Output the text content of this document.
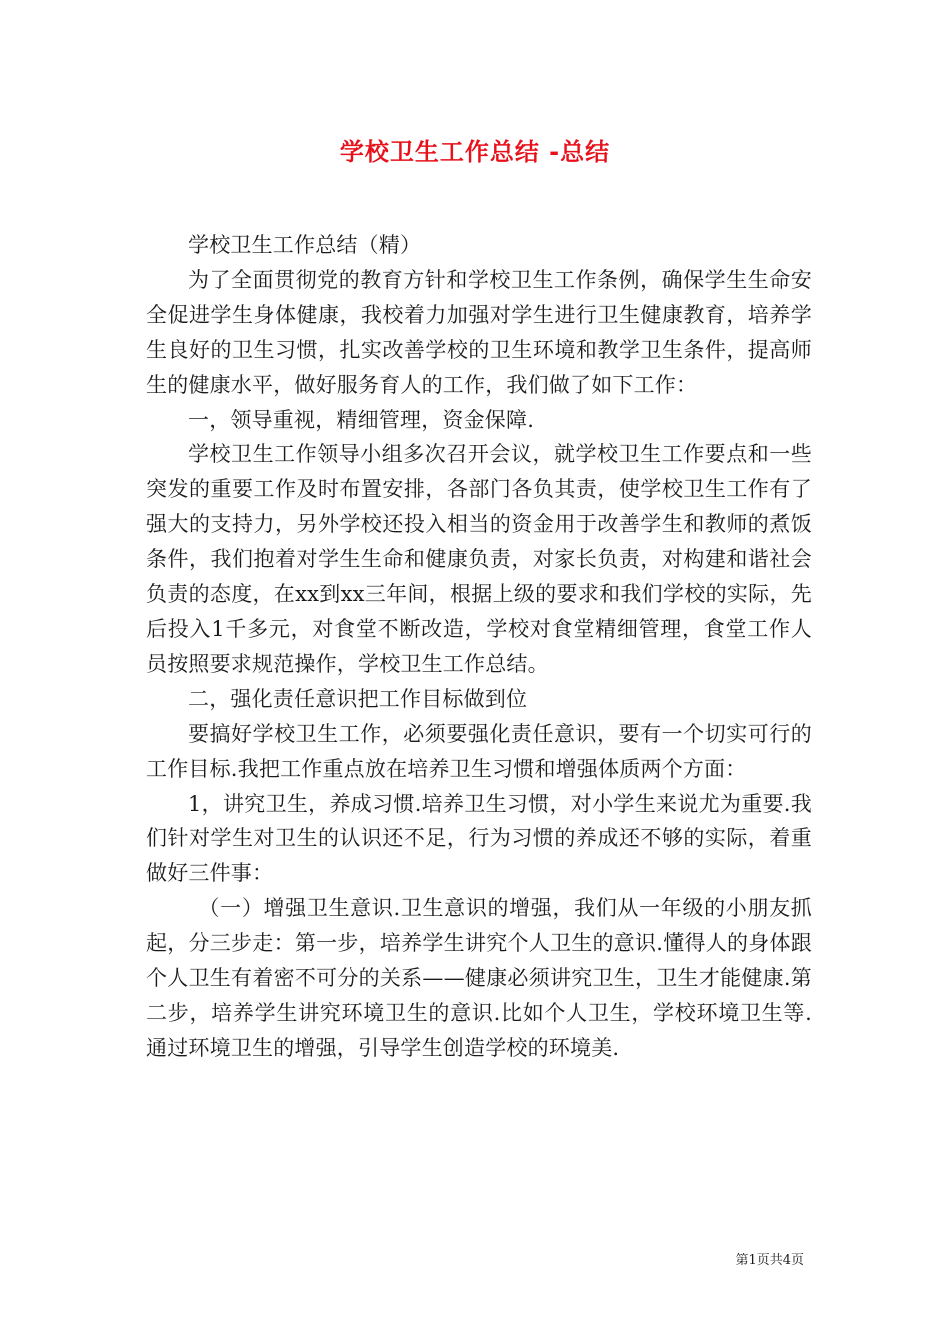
学校卫生工作总结 -总结

学校卫生工作总结（精）

为了全面贯彻党的教育方针和学校卫生工作条例，确保学生生命安全促进学生身体健康，我校着力加强对学生进行卫生健康教育，培养学生良好的卫生习惯，扎实改善学校的卫生环境和教学卫生条件，提高师生的健康水平，做好服务育人的工作，我们做了如下工作：

一，领导重视，精细管理，资金保障.

学校卫生工作领导小组多次召开会议，就学校卫生工作要点和一些突发的重要工作及时布置安排，各部门各负其责，使学校卫生工作有了强大的支持力，另外学校还投入相当的资金用于改善学生和教师的煮饭条件，我们抱着对学生生命和健康负责，对家长负责，对构建和谐社会负责的态度，在xx到xx三年间，根据上级的要求和我们学校的实际，先后投入1千多元，对食堂不断改造，学校对食堂精细管理，食堂工作人员按照要求规范操作，学校卫生工作总结。

二，强化责任意识把工作目标做到位

要搞好学校卫生工作，必须要强化责任意识，要有一个切实可行的工作目标.我把工作重点放在培养卫生习惯和增强体质两个方面：

1，讲究卫生，养成习惯.培养卫生习惯，对小学生来说尤为重要.我们针对学生对卫生的认识还不足，行为习惯的养成还不够的实际，着重做好三件事：

（一）增强卫生意识.卫生意识的增强，我们从一年级的小朋友抓起，分三步走：第一步，培养学生讲究个人卫生的意识.懂得人的身体跟个人卫生有着密不可分的关系——健康必须讲究卫生，卫生才能健康.第二步，培养学生讲究环境卫生的意识.比如个人卫生，学校环境卫生等.通过环境卫生的增强，引导学生创造学校的环境美.

第1页共4页
